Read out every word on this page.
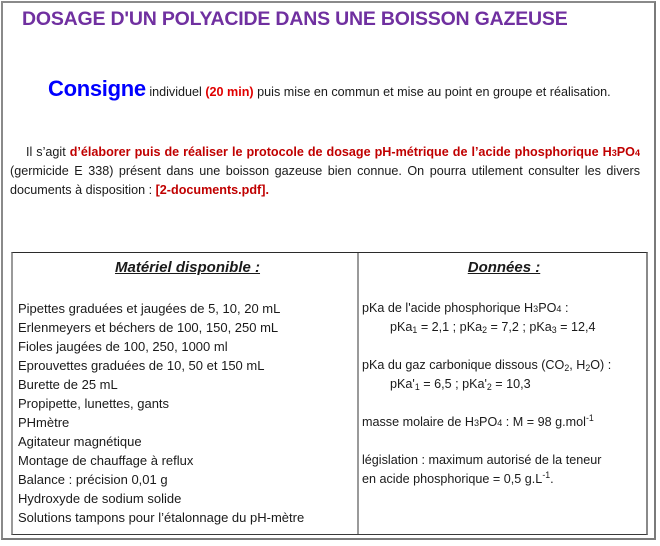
DOSAGE D'UN POLYACIDE DANS UNE BOISSON GAZEUSE

Consigne individuel (20 min) puis mise en commun et mise au point en groupe et réalisation.

Il s’agit d’élaborer puis de réaliser le protocole de dosage pH-métrique de l’acide phosphorique H3PO4 (germicide E 338) présent dans une boisson gazeuse bien connue. On pourra utilement consulter les divers documents à disposition : [2-documents.pdf].

Matériel disponible :
Pipettes graduées et jaugées de 5, 10, 20 mL
Erlenmeyers et béchers de 100, 150, 250 mL
Fioles jaugées de 100, 250, 1000 ml
Eprouvettes graduées de 10, 50 et 150 mL
Burette de 25 mL
Propipette, lunettes, gants
PHmètre
Agitateur magnétique
Montage de chauffage à reflux
Balance : précision 0,01 g
Hydroxyde de sodium solide
Solutions tampons pour l’étalonnage du pH-mètre
Données :
pKa de l'acide phosphorique H3PO4 :
pKa$_1$ = 2,1 ; pKa$_2$ = 7,2 ; pKa$_3$ = 12,4
pKa du gaz carbonique dissous ($CO_2$, $H_2O$) :
$pKa'_1 = 6,5$ ; $pKa'_2 = 10,3$
masse molaire de H3PO4 : M = 98 g.mol$^{-1}$
législation : maximum autorisé de la teneur
en acide phosphorique = 0,5 $g.L^{-1}$.
